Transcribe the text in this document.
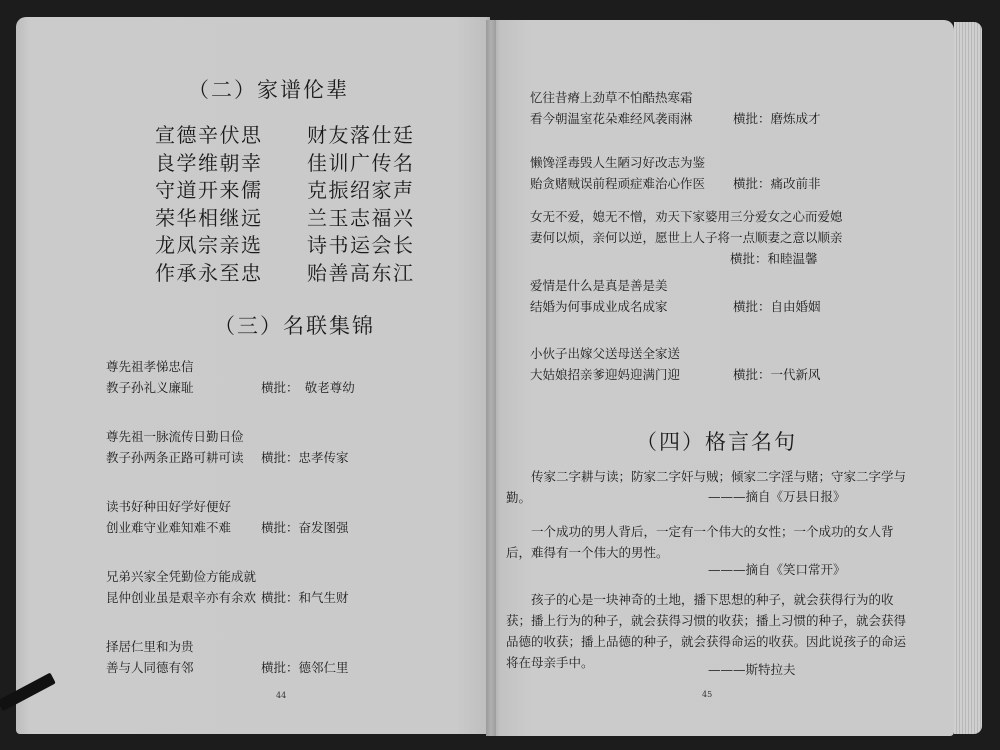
（二）家谱伦辈
宣德辛伏思	财友落仕廷
良学维朝幸	佳训广传名
守道开来儒	克振绍家声
荣华相继远	兰玉志福兴
龙凤宗亲选	诗书运会长
作承永至忠	贻善高东江
（三）名联集锦
尊先祖孝悌忠信
教子孙礼义廉耻	横批：　敬老尊幼
尊先祖一脉流传日勤日俭
教子孙两条正路可耕可读	横批：忠孝传家
读书好种田好学好便好
创业难守业难知难不难	横批：奋发图强
兄弟兴家全凭勤俭方能成就
昆仲创业虽是艰辛亦有余欢 横批：和气生财
择居仁里和为贵
善与人同德有邻	横批：德邻仁里
44
忆往昔瘠上劲草不怕酷热寒霜
看今朝温室花朵难经风袭雨淋	横批：磨炼成才
懒馋淫毒毁人生陋习好改志为鉴
贻贪赌贼误前程顽症难治心作医	横批：痛改前非
女无不爱，媳无不憎，劝天下家婆用三分爱女之心而爱媳
妻何以烦，亲何以逆，愿世上人子将一点顺妻之意以顺亲
横批：和睦温馨
爱情是什么是真是善是美
结婚为何事成业成名成家	横批：自由婚姻
小伙子出嫁父送母送全家送
大姑娘招亲爹迎妈迎满门迎	横批：一代新风
（四）格言名句

传家二字耕与读；防家二字奸与贼；倾家二字淫与赌；守家二字学与勤。	———摘自《万县日报》

一个成功的男人背后，一定有一个伟大的女性；一个成功的女人背后，难得有一个伟大的男性。

———摘自《笑口常开》

孩子的心是一块神奇的土地，播下思想的种子，就会获得行为的收获；播上行为的种子，就会获得习惯的收获；播上习惯的种子，就会获得品德的收获；播上品德的种子，就会获得命运的收获。因此说孩子的命运将在母亲手中。	———斯特拉夫
45
